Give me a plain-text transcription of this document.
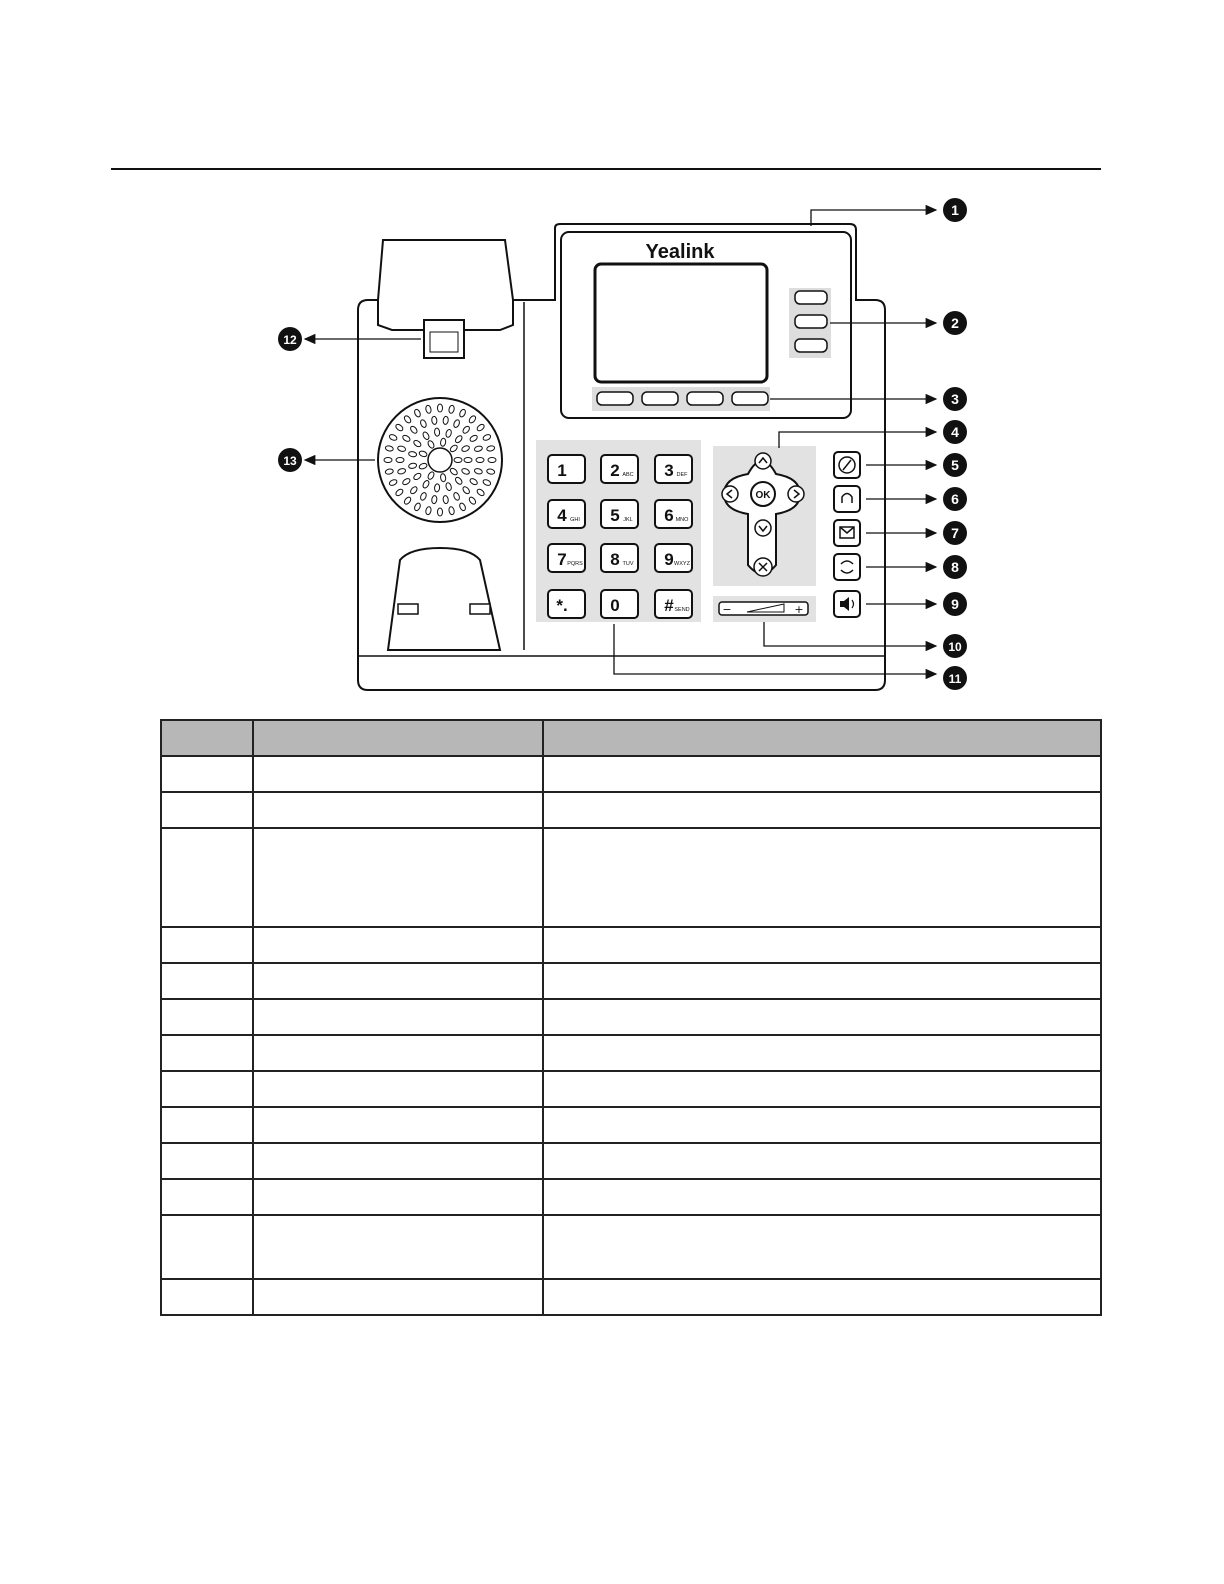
Yealink
1	2 ABC 3 DEF
4 GHI 5 JKL 6 MNO
7 PQRS 8 TUV 9 WXYZ
*.	0	# SEND
OK
−	+
1
2
3
4
5
6
7
8
9
10
11
12
13
